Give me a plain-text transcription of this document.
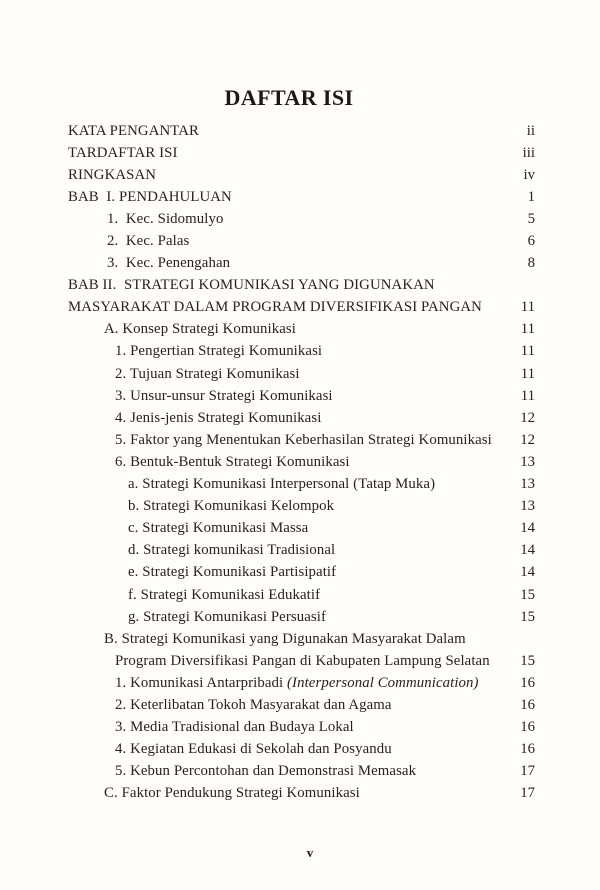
DAFTAR ISI
KATA PENGANTAR	ii
TARDAFTAR ISI	iii
RINGKASAN	iv
BAB  I. PENDAHULUAN	1
1.  Kec. Sidomulyo	5
2.  Kec. Palas	6
3.  Kec. Penengahan	8
BAB II.  STRATEGI KOMUNIKASI YANG DIGUNAKAN
MASYARAKAT DALAM PROGRAM DIVERSIFIKASI PANGAN	11
A. Konsep Strategi Komunikasi	11
1. Pengertian Strategi Komunikasi	11
2. Tujuan Strategi Komunikasi	11
3. Unsur-unsur Strategi Komunikasi	11
4. Jenis-jenis Strategi Komunikasi	12
5. Faktor yang Menentukan Keberhasilan Strategi Komunikasi	12
6. Bentuk-Bentuk Strategi Komunikasi	13
a. Strategi Komunikasi Interpersonal (Tatap Muka)	13
b. Strategi Komunikasi Kelompok	13
c. Strategi Komunikasi Massa	14
d. Strategi komunikasi Tradisional	14
e. Strategi Komunikasi Partisipatif	14
f. Strategi Komunikasi Edukatif	15
g. Strategi Komunikasi Persuasif	15
B. Strategi Komunikasi yang Digunakan Masyarakat Dalam
Program Diversifikasi Pangan di Kabupaten Lampung Selatan	15
1. Komunikasi Antarpribadi (Interpersonal Communication)	16
2. Keterlibatan Tokoh Masyarakat dan Agama	16
3. Media Tradisional dan Budaya Lokal	16
4. Kegiatan Edukasi di Sekolah dan Posyandu	16
5. Kebun Percontohan dan Demonstrasi Memasak	17
C. Faktor Pendukung Strategi Komunikasi	17
v
